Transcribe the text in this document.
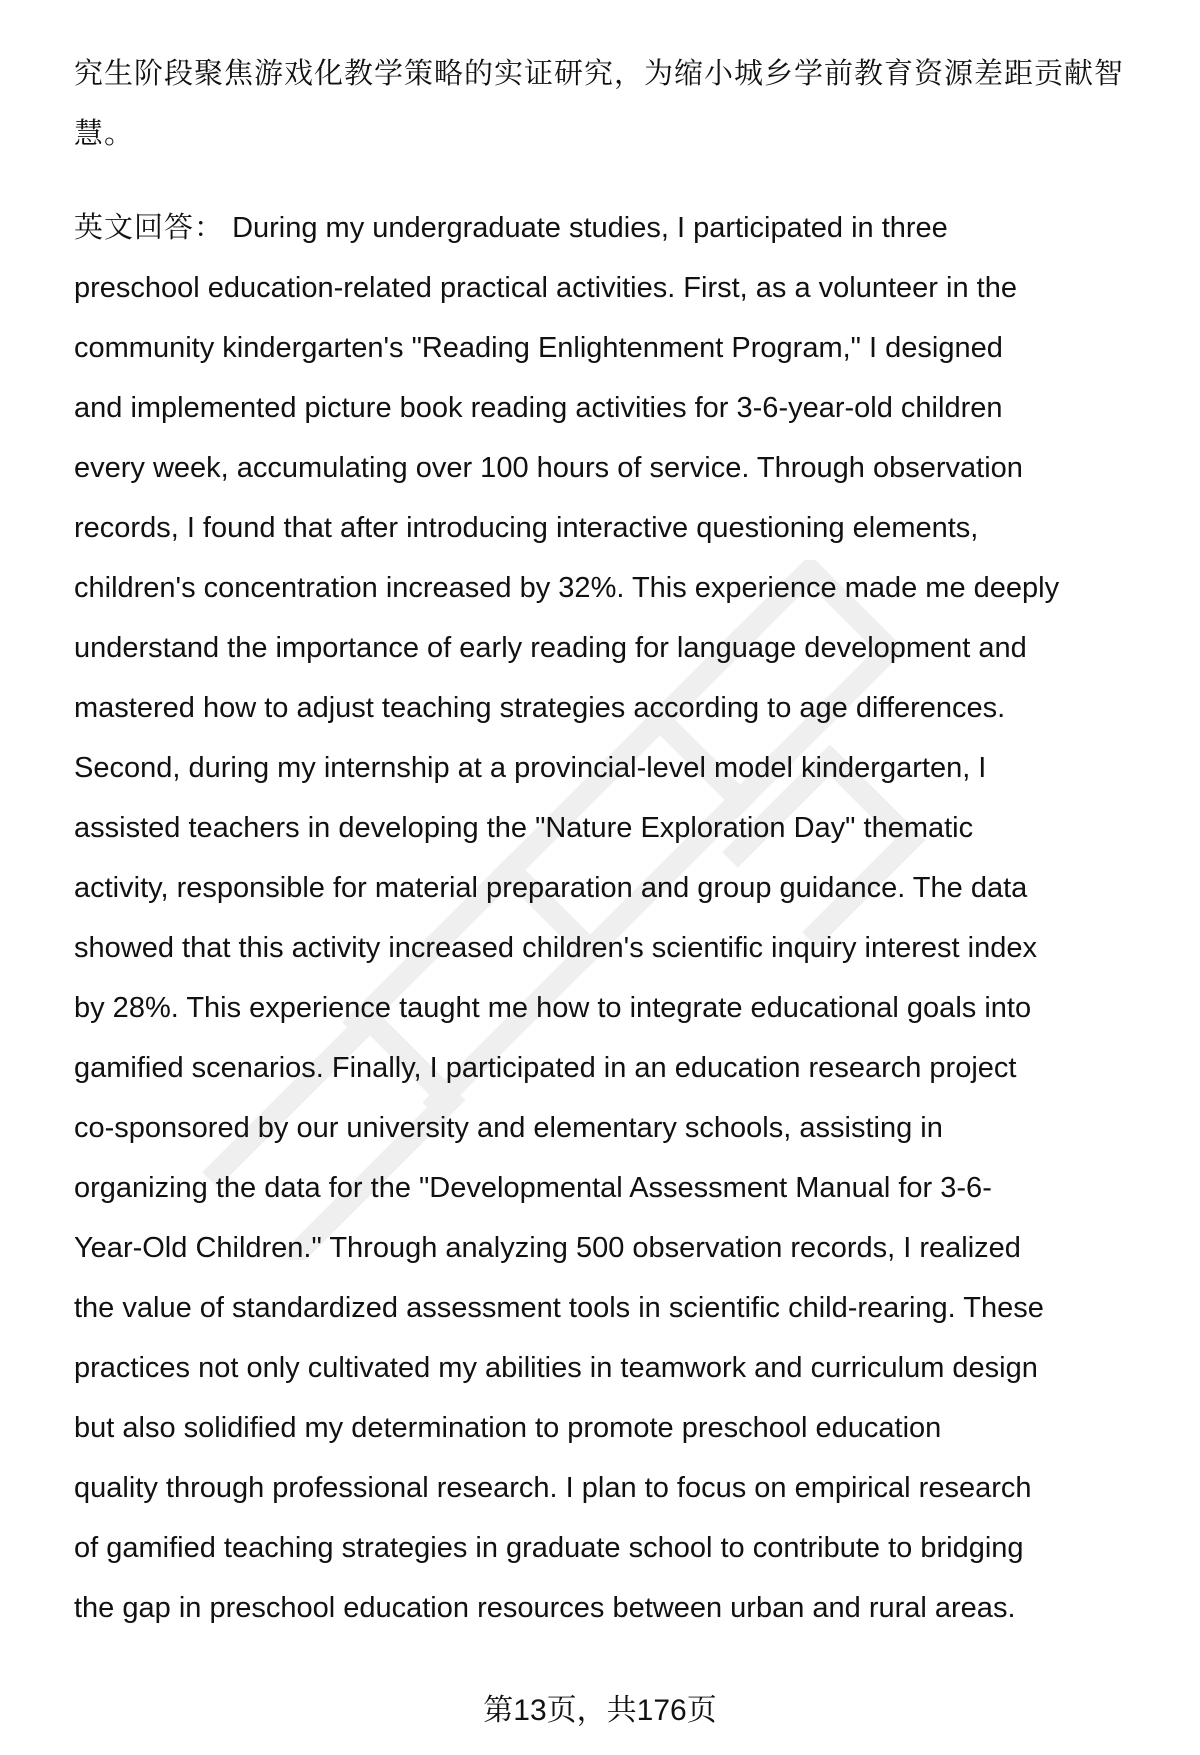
究生阶段聚焦游戏化教学策略的实证研究，为缩小城乡学前教育资源差距贡献智
慧。
英文回答： During my undergraduate studies, I participated in three
preschool education-related practical activities. First, as a volunteer in the
community kindergarten's "Reading Enlightenment Program," I designed
and implemented picture book reading activities for 3-6-year-old children
every week, accumulating over 100 hours of service. Through observation
records, I found that after introducing interactive questioning elements,
children's concentration increased by 32%. This experience made me deeply
understand the importance of early reading for language development and
mastered how to adjust teaching strategies according to age differences.
Second, during my internship at a provincial-level model kindergarten, I
assisted teachers in developing the "Nature Exploration Day" thematic
activity, responsible for material preparation and group guidance. The data
showed that this activity increased children's scientific inquiry interest index
by 28%. This experience taught me how to integrate educational goals into
gamified scenarios. Finally, I participated in an education research project
co-sponsored by our university and elementary schools, assisting in
organizing the data for the "Developmental Assessment Manual for 3-6-
Year-Old Children." Through analyzing 500 observation records, I realized
the value of standardized assessment tools in scientific child-rearing. These
practices not only cultivated my abilities in teamwork and curriculum design
but also solidified my determination to promote preschool education
quality through professional research. I plan to focus on empirical research
of gamified teaching strategies in graduate school to contribute to bridging
the gap in preschool education resources between urban and rural areas.
第13页，共176页
